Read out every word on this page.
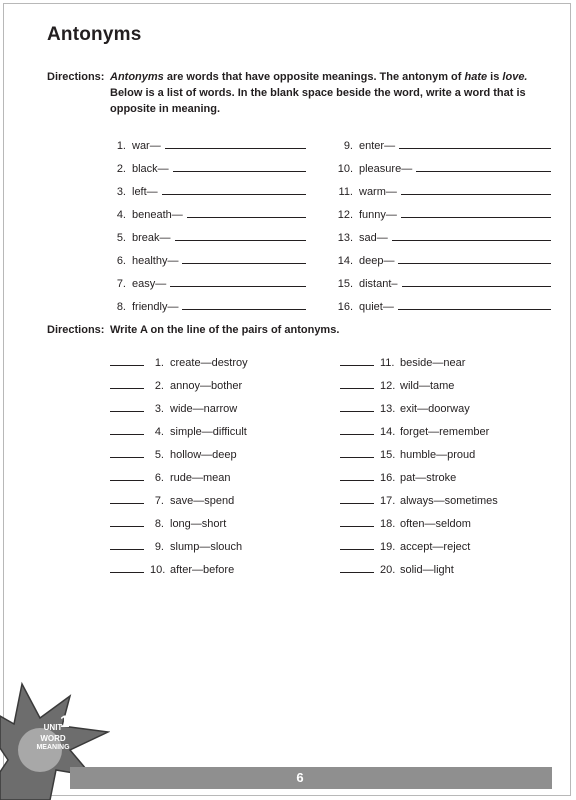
Antonyms
Directions: Antonyms are words that have opposite meanings. The antonym of hate is love. Below is a list of words. In the blank space beside the word, write a word that is opposite in meaning.
1. war—
2. black—
3. left—
4. beneath—
5. break—
6. healthy—
7. easy—
8. friendly—
9. enter—
10. pleasure—
11. warm—
12. funny—
13. sad—
14. deep—
15. distant–
16. quiet—
Directions: Write A on the line of the pairs of antonyms.
1. create—destroy
2. annoy—bother
3. wide—narrow
4. simple—difficult
5. hollow—deep
6. rude—mean
7. save—spend
8. long—short
9. slump—slouch
10. after—before
11. beside—near
12. wild—tame
13. exit—doorway
14. forget—remember
15. humble—proud
16. pat—stroke
17. always—sometimes
18. often—seldom
19. accept—reject
20. solid—light
UNIT
1
WORD
MEANING
6
